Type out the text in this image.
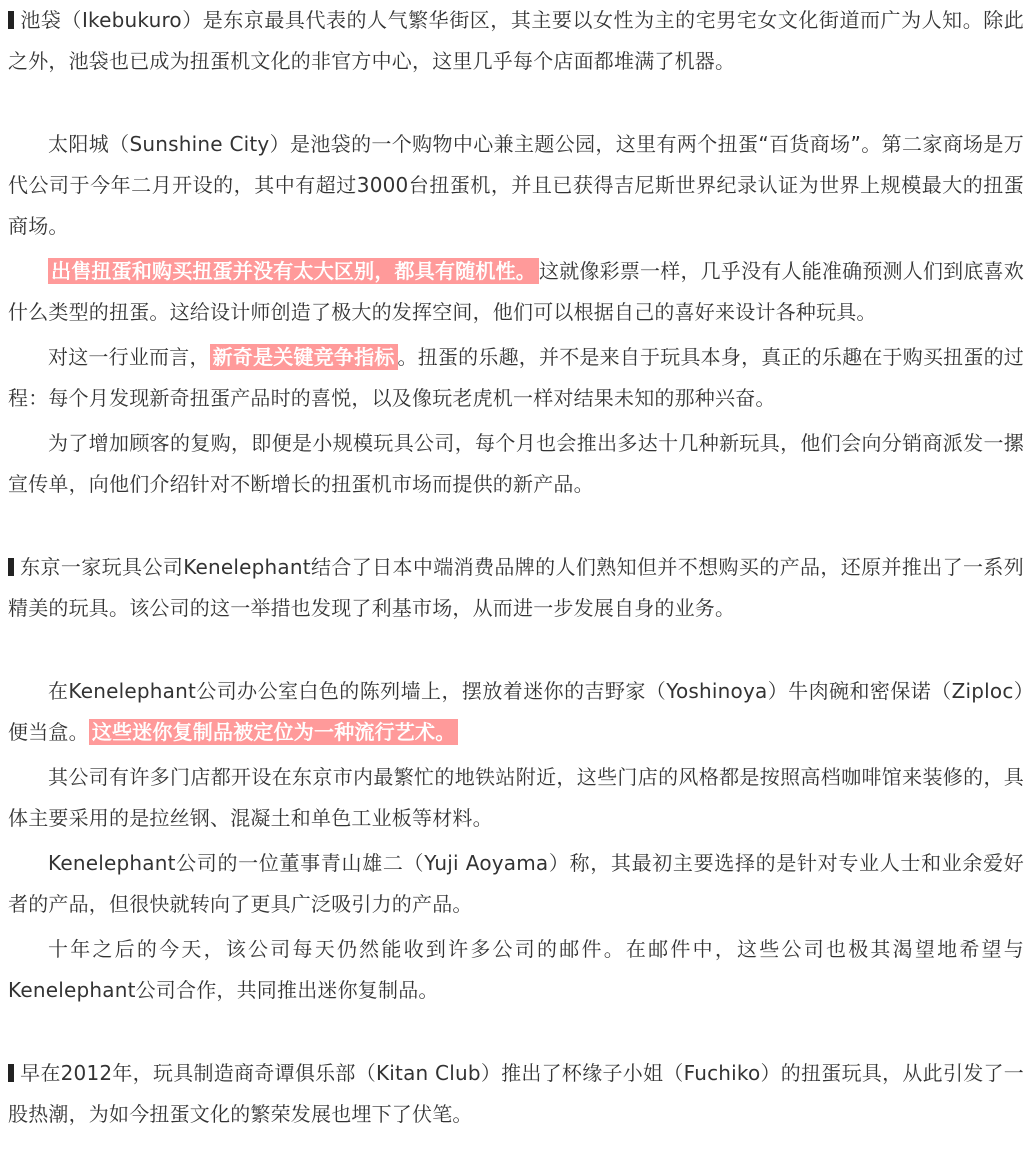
池袋（Ikebukuro）是东京最具代表的人气繁华街区，其主要以女性为主的宅男宅女文化街道而广为人知。除此之外，池袋也已成为扭蛋机文化的非官方中心，这里几乎每个店面都堆满了机器。

太阳城（Sunshine City）是池袋的一个购物中心兼主题公园，这里有两个扭蛋“百货商场”。第二家商场是万代公司于今年二月开设的，其中有超过3000台扭蛋机，并且已获得吉尼斯世界纪录认证为世界上规模最大的扭蛋商场。

出售扭蛋和购买扭蛋并没有太大区别，都具有随机性。 这就像彩票一样，几乎没有人能准确预测人们到底喜欢什么类型的扭蛋。这给设计师创造了极大的发挥空间，他们可以根据自己的喜好来设计各种玩具。

对这一行业而言， 新奇是关键竞争指标 。扭蛋的乐趣，并不是来自于玩具本身，真正的乐趣在于购买扭蛋的过程：每个月发现新奇扭蛋产品时的喜悦，以及像玩老虎机一样对结果未知的那种兴奋。

为了增加顾客的复购，即便是小规模玩具公司，每个月也会推出多达十几种新玩具，他们会向分销商派发一摞宣传单，向他们介绍针对不断增长的扭蛋机市场而提供的新产品。

东京一家玩具公司Kenelephant结合了日本中端消费品牌的人们熟知但并不想购买的产品，还原并推出了一系列精美的玩具。该公司的这一举措也发现了利基市场，从而进一步发展自身的业务。

在Kenelephant公司办公室白色的陈列墙上，摆放着迷你的吉野家（Yoshinoya）牛肉碗和密保诺（Ziploc）便当盒。 这些迷你复制品被定位为一种流行艺术。

其公司有许多门店都开设在东京市内最繁忙的地铁站附近，这些门店的风格都是按照高档咖啡馆来装修的，具体主要采用的是拉丝钢、混凝土和单色工业板等材料。

Kenelephant公司的一位董事青山雄二（Yuji Aoyama）称，其最初主要选择的是针对专业人士和业余爱好者的产品，但很快就转向了更具广泛吸引力的产品。

十年之后的今天，该公司每天仍然能收到许多公司的邮件。在邮件中，这些公司也极其渴望地希望与Kenelephant公司合作，共同推出迷你复制品。

早在2012年，玩具制造商奇谭俱乐部（Kitan Club）推出了杯缘子小姐（Fuchiko）的扭蛋玩具，从此引发了一股热潮，为如今扭蛋文化的繁荣发展也埋下了伏笔。
